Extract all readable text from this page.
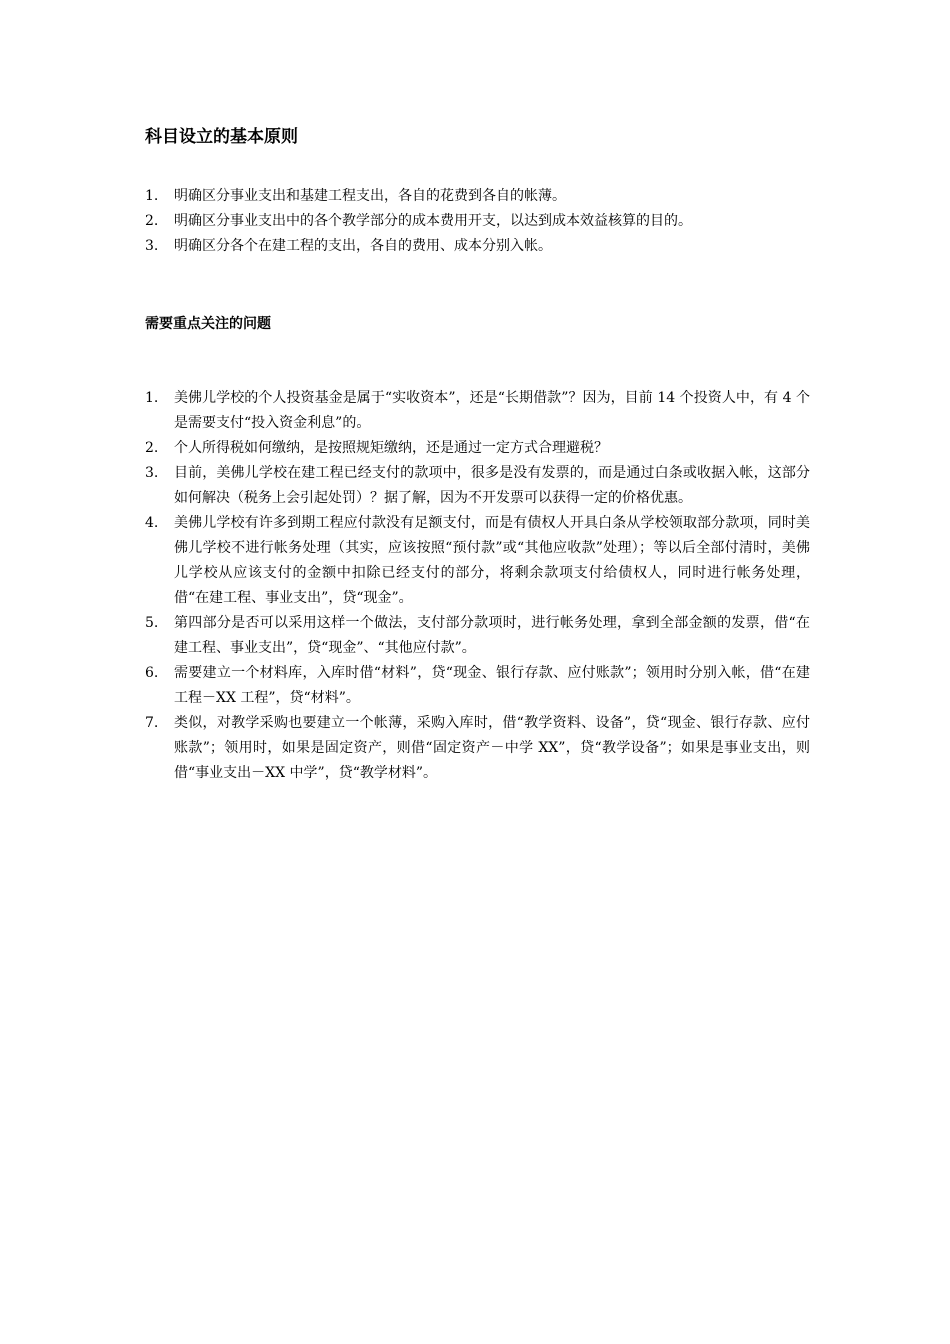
科目设立的基本原则
1.	明确区分事业支出和基建工程支出，各自的花费到各自的帐薄。
2.	明确区分事业支出中的各个教学部分的成本费用开支，以达到成本效益核算的目的。
3.	明确区分各个在建工程的支出，各自的费用、成本分别入帐。
需要重点关注的问题
1.	美佛儿学校的个人投资基金是属于“实收资本”，还是“长期借款”？因为，目前 14 个投资人中，有 4 个是需要支付“投入资金利息”的。
2.	个人所得税如何缴纳，是按照规矩缴纳，还是通过一定方式合理避税？
3.	目前，美佛儿学校在建工程已经支付的款项中，很多是没有发票的，而是通过白条或收据入帐，这部分如何解决（税务上会引起处罚）？据了解，因为不开发票可以获得一定的价格优惠。
4.	美佛儿学校有许多到期工程应付款没有足额支付，而是有债权人开具白条从学校领取部分款项，同时美佛儿学校不进行帐务处理（其实，应该按照“预付款”或“其他应收款”处理）；等以后全部付清时，美佛儿学校从应该支付的金额中扣除已经支付的部分，将剩余款项支付给债权人，同时进行帐务处理，借“在建工程、事业支出”，贷“现金”。
5.	第四部分是否可以采用这样一个做法，支付部分款项时，进行帐务处理，拿到全部金额的发票，借“在建工程、事业支出”，贷“现金”、“其他应付款”。
6.	需要建立一个材料库，入库时借“材料”，贷“现金、银行存款、应付账款”；领用时分别入帐，借“在建工程－XX 工程”，贷“材料”。
7.	类似，对教学采购也要建立一个帐薄，采购入库时，借“教学资料、设备”，贷“现金、银行存款、应付账款”；领用时，如果是固定资产，则借“固定资产－中学 XX”，贷“教学设备”；如果是事业支出，则借“事业支出－XX 中学”，贷“教学材料”。
